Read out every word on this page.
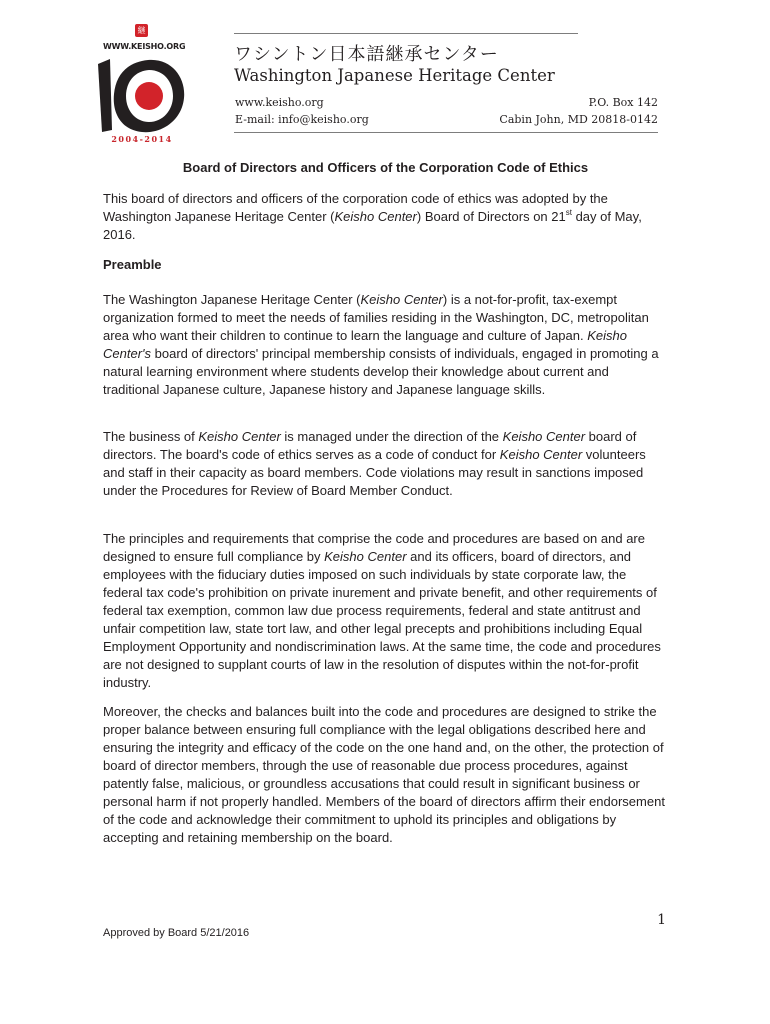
継
WWW.KEISHO.ORG
2004-2014
ワシントン日本語継承センター
Washington Japanese Heritage Center
www.keisho.org
E-mail: info@keisho.org
P.O. Box 142
Cabin John, MD 20818-0142
Board of Directors and Officers of the Corporation Code of Ethics

This board of directors and officers of the corporation code of ethics was adopted by the Washington Japanese Heritage Center (Keisho Center) Board of Directors on 21st day of May, 2016.

Preamble

The Washington Japanese Heritage Center (Keisho Center) is a not-for-profit, tax-exempt organization formed to meet the needs of families residing in the Washington, DC, metropolitan area who want their children to continue to learn the language and culture of Japan. Keisho Center's board of directors' principal membership consists of individuals, engaged in promoting a natural learning environment where students develop their knowledge about current and traditional Japanese culture, Japanese history and Japanese language skills.

The business of Keisho Center is managed under the direction of the Keisho Center board of directors. The board's code of ethics serves as a code of conduct for Keisho Center volunteers and staff in their capacity as board members. Code violations may result in sanctions imposed under the Procedures for Review of Board Member Conduct.

The principles and requirements that comprise the code and procedures are based on and are designed to ensure full compliance by Keisho Center and its officers, board of directors, and employees with the fiduciary duties imposed on such individuals by state corporate law, the federal tax code's prohibition on private inurement and private benefit, and other requirements of federal tax exemption, common law due process requirements, federal and state antitrust and unfair competition law, state tort law, and other legal precepts and prohibitions including Equal Employment Opportunity and nondiscrimination laws. At the same time, the code and procedures are not designed to supplant courts of law in the resolution of disputes within the not-for-profit industry.

Moreover, the checks and balances built into the code and procedures are designed to strike the proper balance between ensuring full compliance with the legal obligations described here and ensuring the integrity and efficacy of the code on the one hand and, on the other, the protection of board of director members, through the use of reasonable due process procedures, against patently false, malicious, or groundless accusations that could result in significant business or personal harm if not properly handled. Members of the board of directors affirm their endorsement of the code and acknowledge their commitment to uphold its principles and obligations by accepting and retaining membership on the board.

1
Approved by Board 5/21/2016
